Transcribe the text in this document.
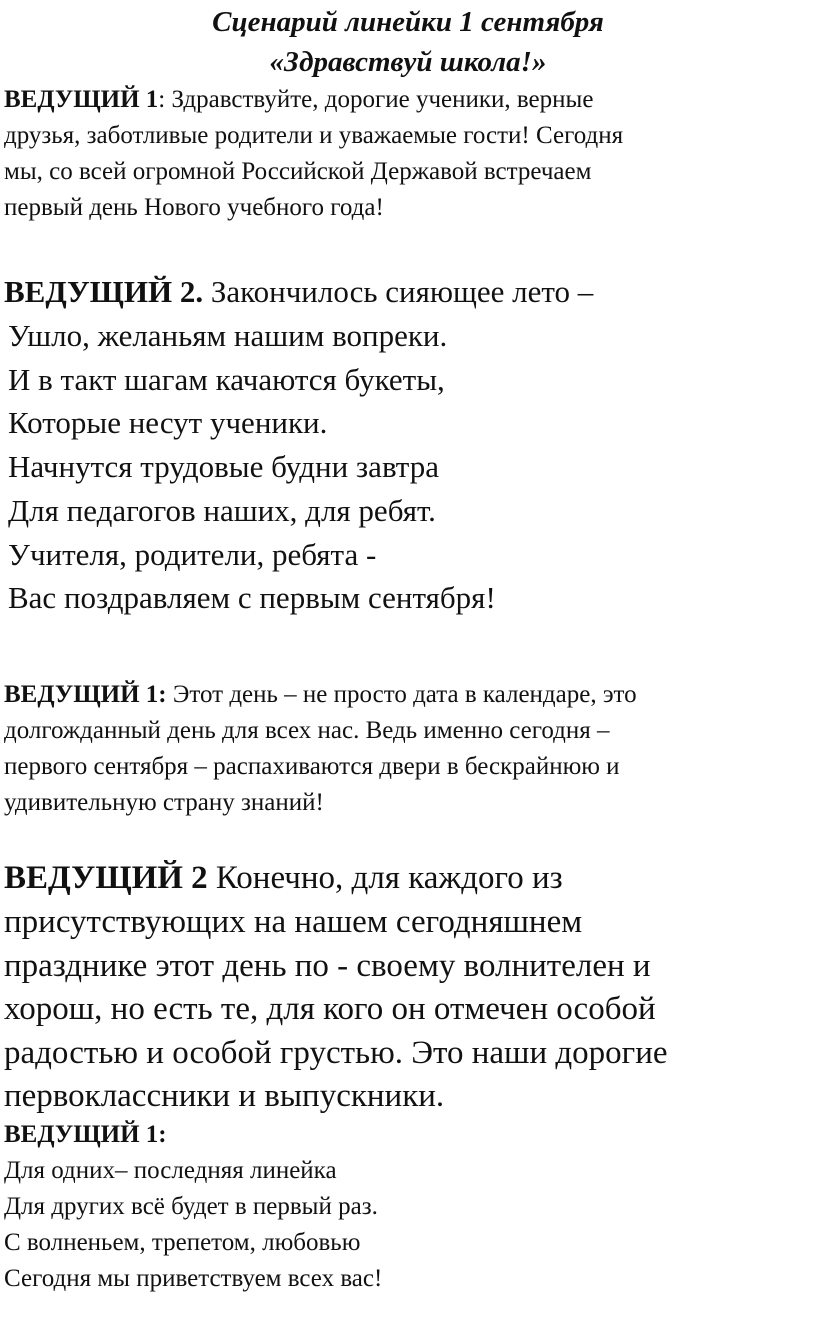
Сценарий линейки 1 сентября
«Здравствуй школа!»
ВЕДУЩИЙ 1: Здравствуйте, дорогие ученики, верные
друзья, заботливые родители и уважаемые гости! Сегодня
мы, со всей огромной Российской Державой встречаем
первый день Нового учебного года!
ВЕДУЩИЙ 2. Закончилось сияющее лето –
Ушло, желаньям нашим вопреки.
И в такт шагам качаются букеты,
Которые несут ученики.
Начнутся трудовые будни завтра
Для педагогов наших, для ребят.
Учителя, родители, ребята -
Вас поздравляем с первым сентября!
ВЕДУЩИЙ 1: Этот день – не просто дата в календаре, это
долгожданный день для всех нас. Ведь именно сегодня –
первого сентября – распахиваются двери в бескрайнюю и
удивительную страну знаний!
ВЕДУЩИЙ 2 Конечно, для каждого из
присутствующих на нашем сегодняшнем
празднике этот день по - своему волнителен и
хорош, но есть те, для кого он отмечен особой
радостью и особой грустью. Это наши дорогие
первоклассники и выпускники.
ВЕДУЩИЙ 1:
Для одних– последняя линейка
Для других всё будет в первый раз.
С волненьем, трепетом, любовью
Сегодня мы приветствуем всех вас!
